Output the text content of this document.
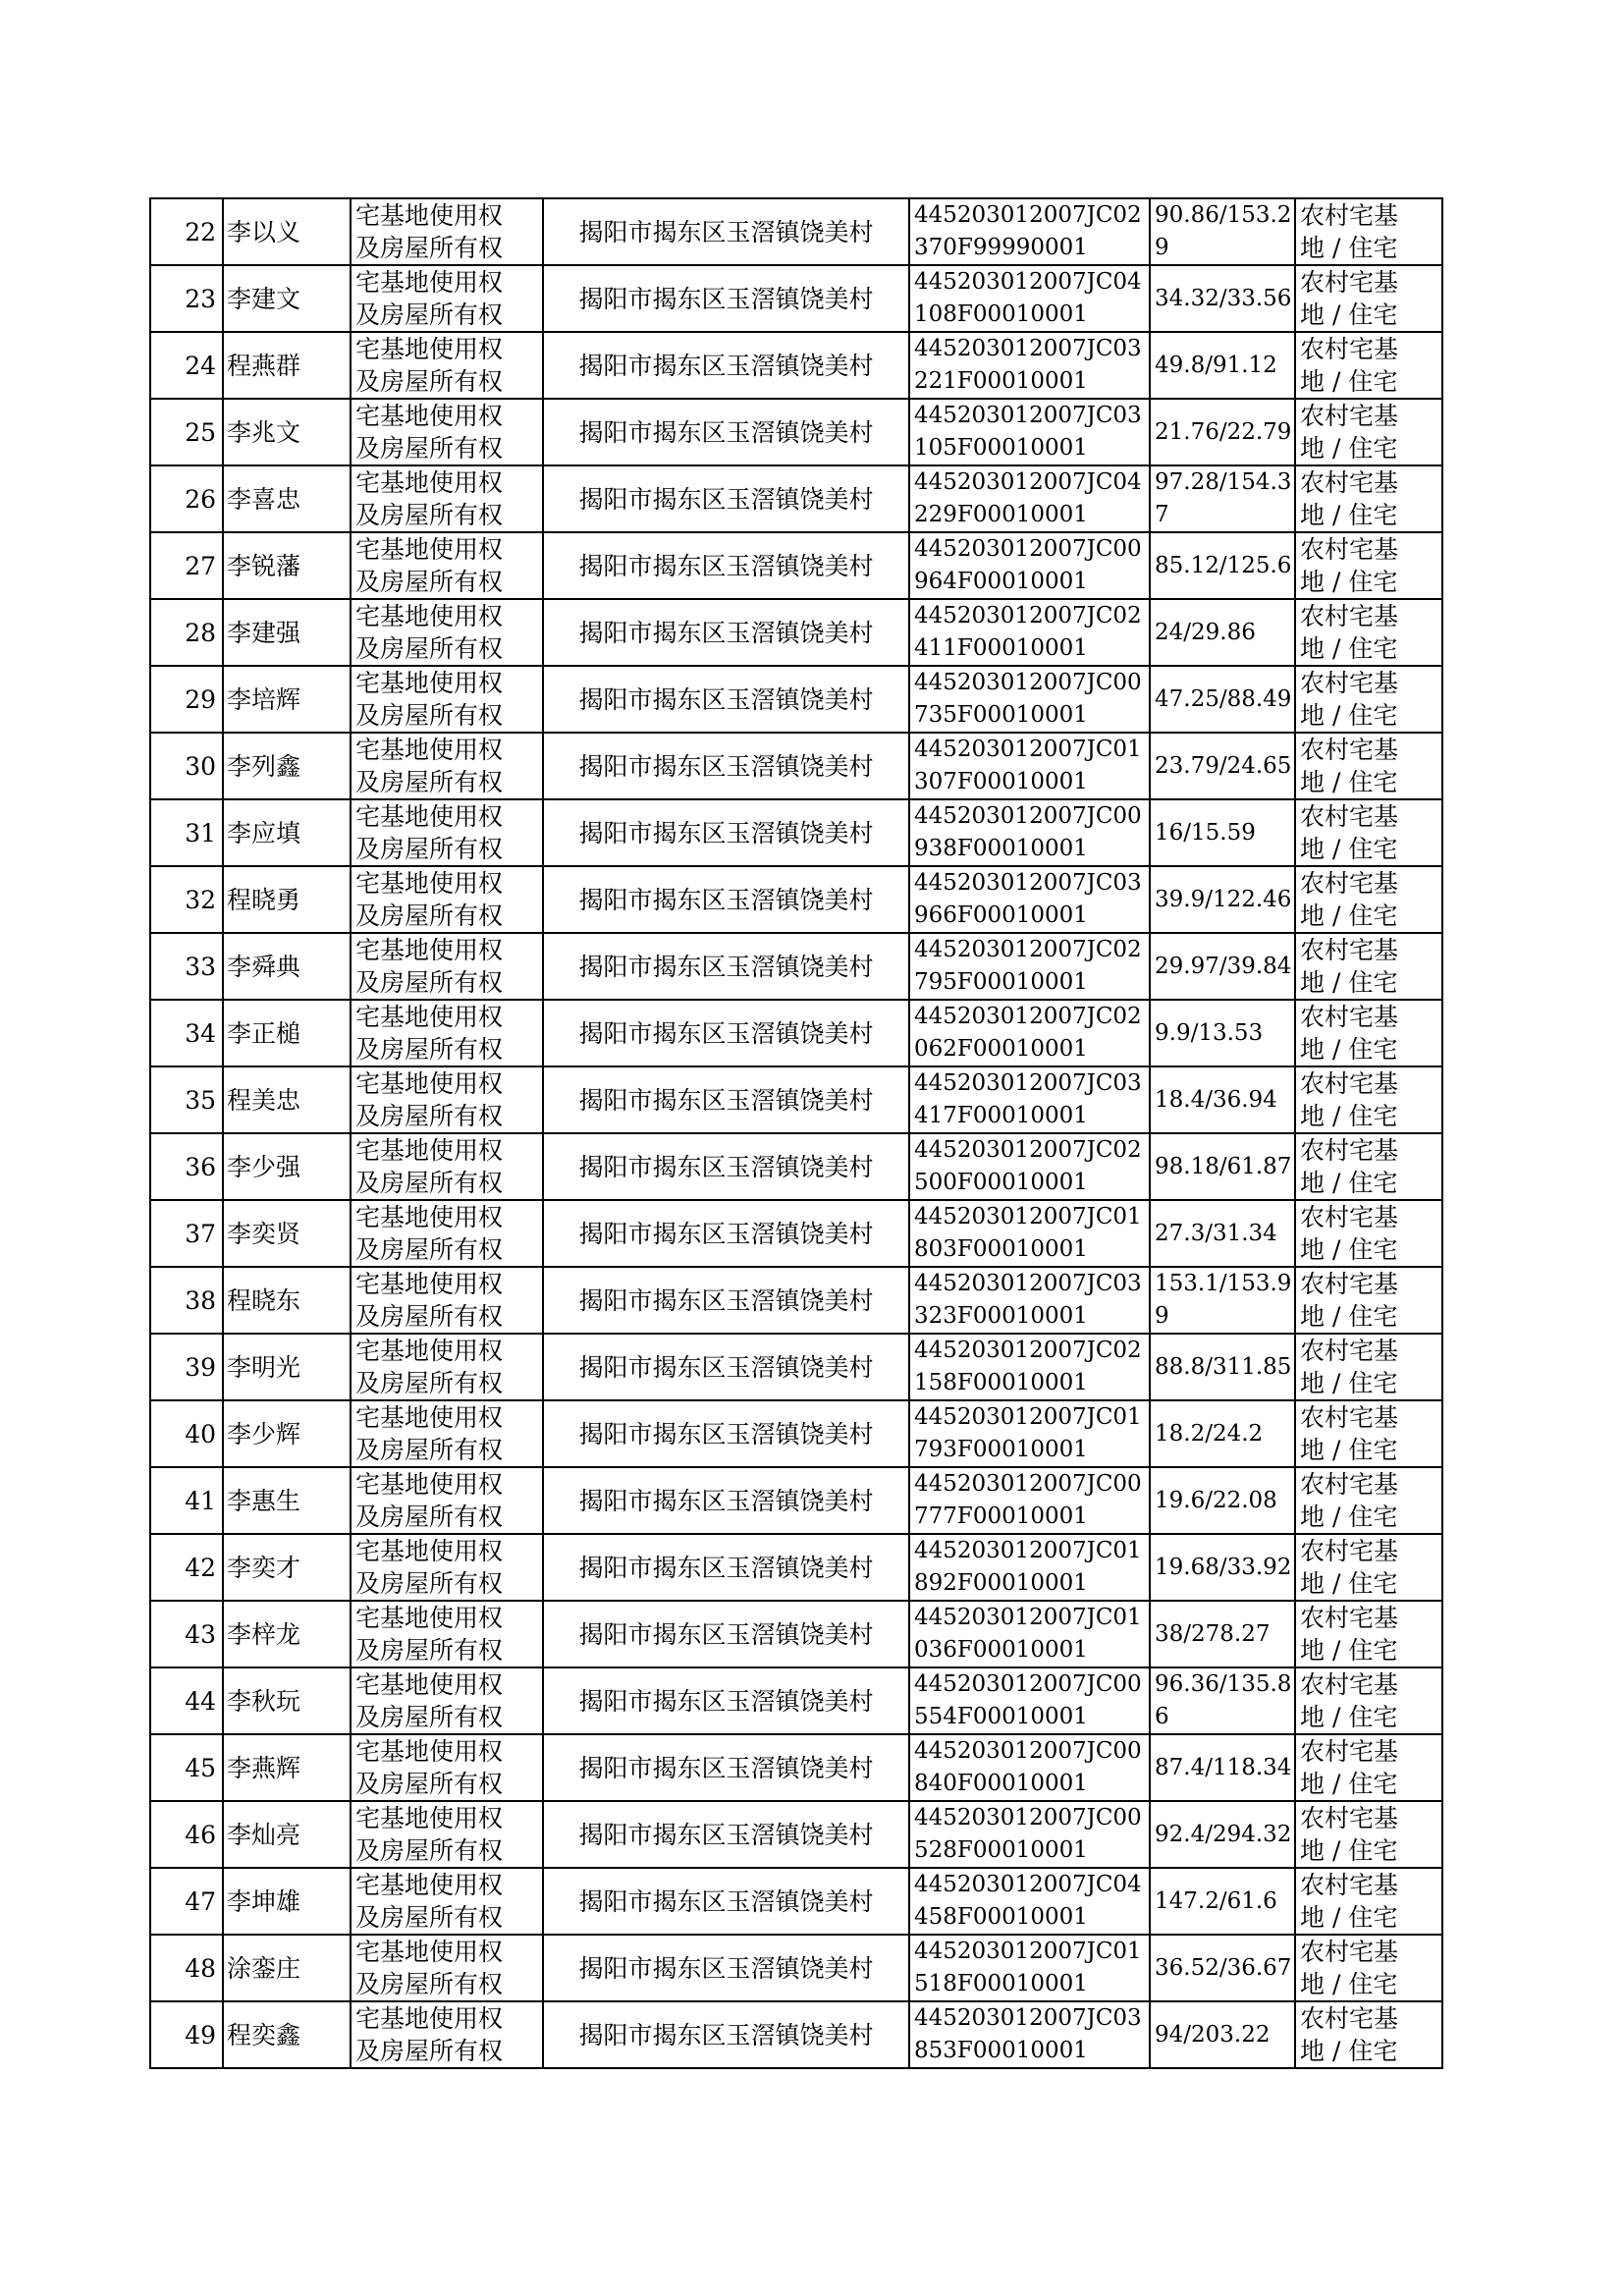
22	李以义	宅基地使用权
及房屋所有权	揭阳市揭东区玉滘镇饶美村	445203012007JC02370F99990001	90.86/153.29	农村宅基
地 / 住宅

23	李建文	宅基地使用权
及房屋所有权	揭阳市揭东区玉滘镇饶美村	445203012007JC04108F00010001	34.32/33.56	农村宅基
地 / 住宅

24	程燕群	宅基地使用权
及房屋所有权	揭阳市揭东区玉滘镇饶美村	445203012007JC03221F00010001	49.8/91.12	农村宅基
地 / 住宅

25	李兆文	宅基地使用权
及房屋所有权	揭阳市揭东区玉滘镇饶美村	445203012007JC03105F00010001	21.76/22.79	农村宅基
地 / 住宅

26	李喜忠	宅基地使用权
及房屋所有权	揭阳市揭东区玉滘镇饶美村	445203012007JC04229F00010001	97.28/154.37	农村宅基
地 / 住宅

27	李锐藩	宅基地使用权
及房屋所有权	揭阳市揭东区玉滘镇饶美村	445203012007JC00964F00010001	85.12/125.6	农村宅基
地 / 住宅

28	李建强	宅基地使用权
及房屋所有权	揭阳市揭东区玉滘镇饶美村	445203012007JC02411F00010001	24/29.86	农村宅基
地 / 住宅

29	李培辉	宅基地使用权
及房屋所有权	揭阳市揭东区玉滘镇饶美村	445203012007JC00735F00010001	47.25/88.49	农村宅基
地 / 住宅

30	李列鑫	宅基地使用权
及房屋所有权	揭阳市揭东区玉滘镇饶美村	445203012007JC01307F00010001	23.79/24.65	农村宅基
地 / 住宅

31	李应填	宅基地使用权
及房屋所有权	揭阳市揭东区玉滘镇饶美村	445203012007JC00938F00010001	16/15.59	农村宅基
地 / 住宅

32	程晓勇	宅基地使用权
及房屋所有权	揭阳市揭东区玉滘镇饶美村	445203012007JC03966F00010001	39.9/122.46	农村宅基
地 / 住宅

33	李舜典	宅基地使用权
及房屋所有权	揭阳市揭东区玉滘镇饶美村	445203012007JC02795F00010001	29.97/39.84	农村宅基
地 / 住宅

34	李正槌	宅基地使用权
及房屋所有权	揭阳市揭东区玉滘镇饶美村	445203012007JC02062F00010001	9.9/13.53	农村宅基
地 / 住宅

35	程美忠	宅基地使用权
及房屋所有权	揭阳市揭东区玉滘镇饶美村	445203012007JC03417F00010001	18.4/36.94	农村宅基
地 / 住宅

36	李少强	宅基地使用权
及房屋所有权	揭阳市揭东区玉滘镇饶美村	445203012007JC02500F00010001	98.18/61.87	农村宅基
地 / 住宅

37	李奕贤	宅基地使用权
及房屋所有权	揭阳市揭东区玉滘镇饶美村	445203012007JC01803F00010001	27.3/31.34	农村宅基
地 / 住宅

38	程晓东	宅基地使用权
及房屋所有权	揭阳市揭东区玉滘镇饶美村	445203012007JC03323F00010001	153.1/153.99	农村宅基
地 / 住宅

39	李明光	宅基地使用权
及房屋所有权	揭阳市揭东区玉滘镇饶美村	445203012007JC02158F00010001	88.8/311.85	农村宅基
地 / 住宅

40	李少辉	宅基地使用权
及房屋所有权	揭阳市揭东区玉滘镇饶美村	445203012007JC01793F00010001	18.2/24.2	农村宅基
地 / 住宅

41	李惠生	宅基地使用权
及房屋所有权	揭阳市揭东区玉滘镇饶美村	445203012007JC00777F00010001	19.6/22.08	农村宅基
地 / 住宅

42	李奕才	宅基地使用权
及房屋所有权	揭阳市揭东区玉滘镇饶美村	445203012007JC01892F00010001	19.68/33.92	农村宅基
地 / 住宅

43	李梓龙	宅基地使用权
及房屋所有权	揭阳市揭东区玉滘镇饶美村	445203012007JC01036F00010001	38/278.27	农村宅基
地 / 住宅

44	李秋玩	宅基地使用权
及房屋所有权	揭阳市揭东区玉滘镇饶美村	445203012007JC00554F00010001	96.36/135.86	农村宅基
地 / 住宅

45	李燕辉	宅基地使用权
及房屋所有权	揭阳市揭东区玉滘镇饶美村	445203012007JC00840F00010001	87.4/118.34	农村宅基
地 / 住宅

46	李灿亮	宅基地使用权
及房屋所有权	揭阳市揭东区玉滘镇饶美村	445203012007JC00528F00010001	92.4/294.32	农村宅基
地 / 住宅

47	李坤雄	宅基地使用权
及房屋所有权	揭阳市揭东区玉滘镇饶美村	445203012007JC04458F00010001	147.2/61.6	农村宅基
地 / 住宅

48	涂銮庄	宅基地使用权
及房屋所有权	揭阳市揭东区玉滘镇饶美村	445203012007JC01518F00010001	36.52/36.67	农村宅基
地 / 住宅

49	程奕鑫	宅基地使用权
及房屋所有权	揭阳市揭东区玉滘镇饶美村	445203012007JC03853F00010001	94/203.22	农村宅基
地 / 住宅
